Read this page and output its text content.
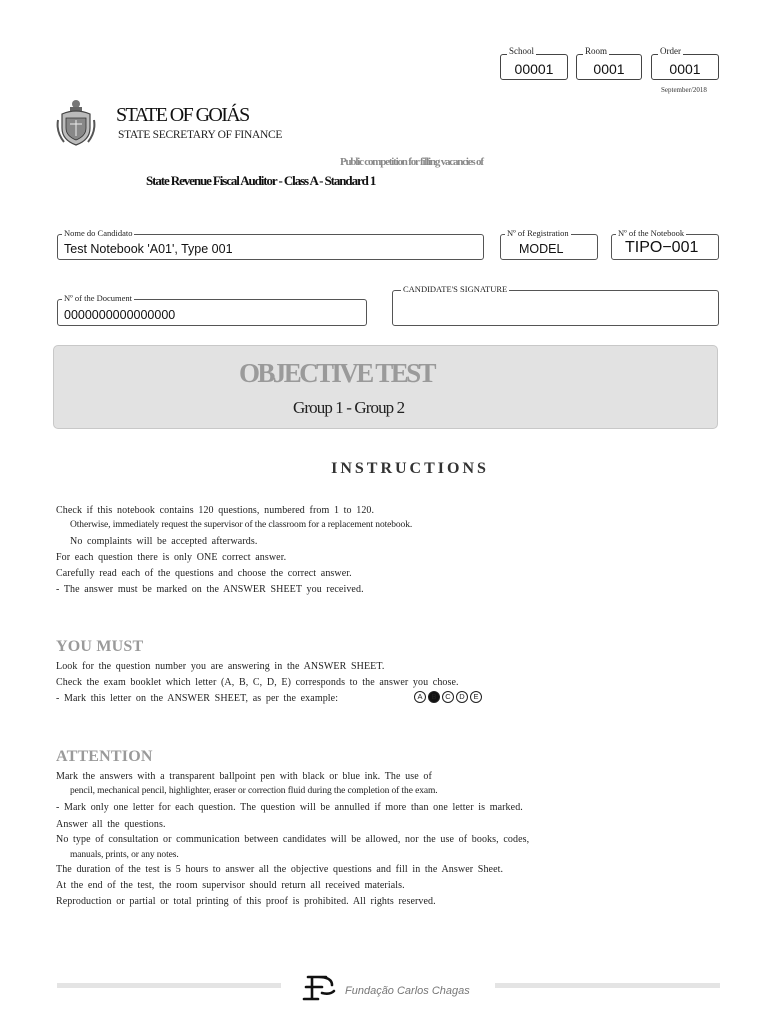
School
00001
Room
0001
Order
0001
September/2018
STATE OF GOIÁS
STATE SECRETARY OF FINANCE
Public competition for filling vacancies of
State Revenue Fiscal Auditor - Class A - Standard 1
Nome do Candidato
Test Notebook 'A01', Type 001
Nº of Registration
MODEL
Nº of the Notebook
TIPO−001
Nº of the Document
0000000000000000
CANDIDATE'S SIGNATURE
OBJECTIVE TEST
Group 1 - Group 2
INSTRUCTIONS
Check if this notebook contains 120 questions, numbered from 1 to 120.
Otherwise, immediately request the supervisor of the classroom for a replacement notebook.
No complaints will be accepted afterwards.
For each question there is only ONE correct answer.
Carefully read each of the questions and choose the correct answer.
- The answer must be marked on the ANSWER SHEET you received.
YOU MUST
Look for the question number you are answering in the ANSWER SHEET.
Check the exam booklet which letter (A, B, C, D, E) corresponds to the answer you chose.
- Mark this letter on the ANSWER SHEET, as per the example:	A	B	C	D	E
ATTENTION
Mark the answers with a transparent ballpoint pen with black or blue ink. The use of
pencil, mechanical pencil, highlighter, eraser or correction fluid during the completion of the exam.
- Mark only one letter for each question. The question will be annulled if more than one letter is marked.
Answer all the questions.
No type of consultation or communication between candidates will be allowed, nor the use of books, codes,
manuals, prints, or any notes.
The duration of the test is 5 hours to answer all the objective questions and fill in the Answer Sheet.
At the end of the test, the room supervisor should return all received materials.
Reproduction or partial or total printing of this proof is prohibited. All rights reserved.
Fundação Carlos Chagas
